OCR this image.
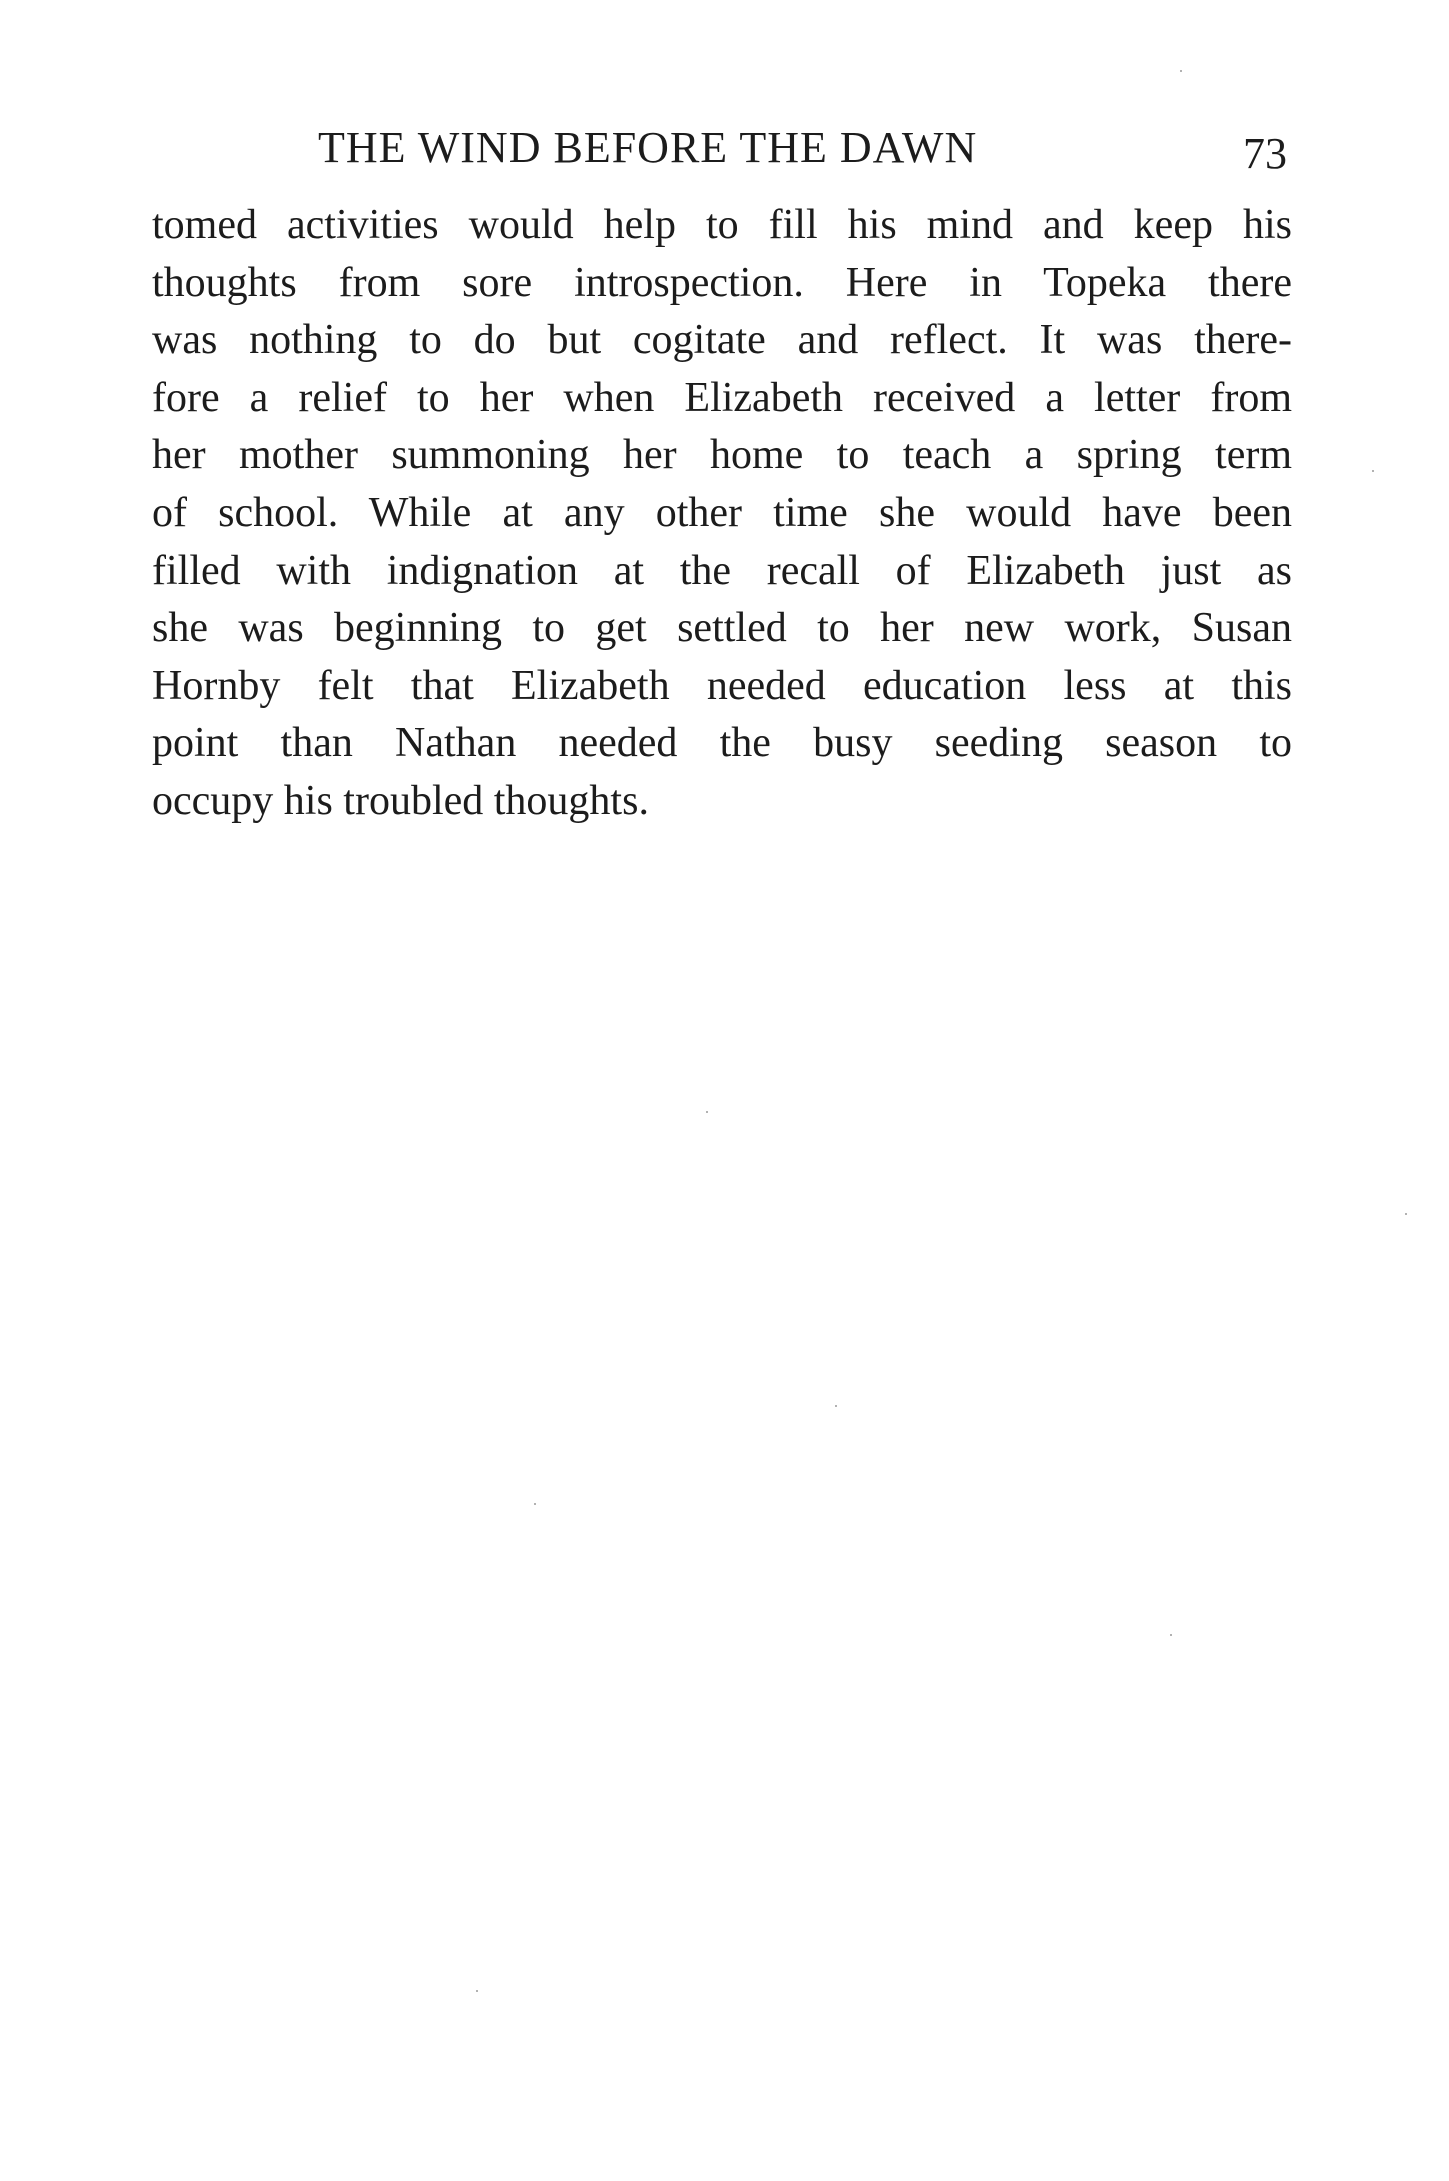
THE WIND BEFORE THE DAWN	73
tomed activities would help to fill his mind and keep his
thoughts from sore introspection. Here in Topeka there
was nothing to do but cogitate and reflect. It was there-
fore a relief to her when Elizabeth received a letter from
her mother summoning her home to teach a spring term
of school. While at any other time she would have been
filled with indignation at the recall of Elizabeth just as
she was beginning to get settled to her new work, Susan
Hornby felt that Elizabeth needed education less at this
point than Nathan needed the busy seeding season to
occupy his troubled thoughts.
